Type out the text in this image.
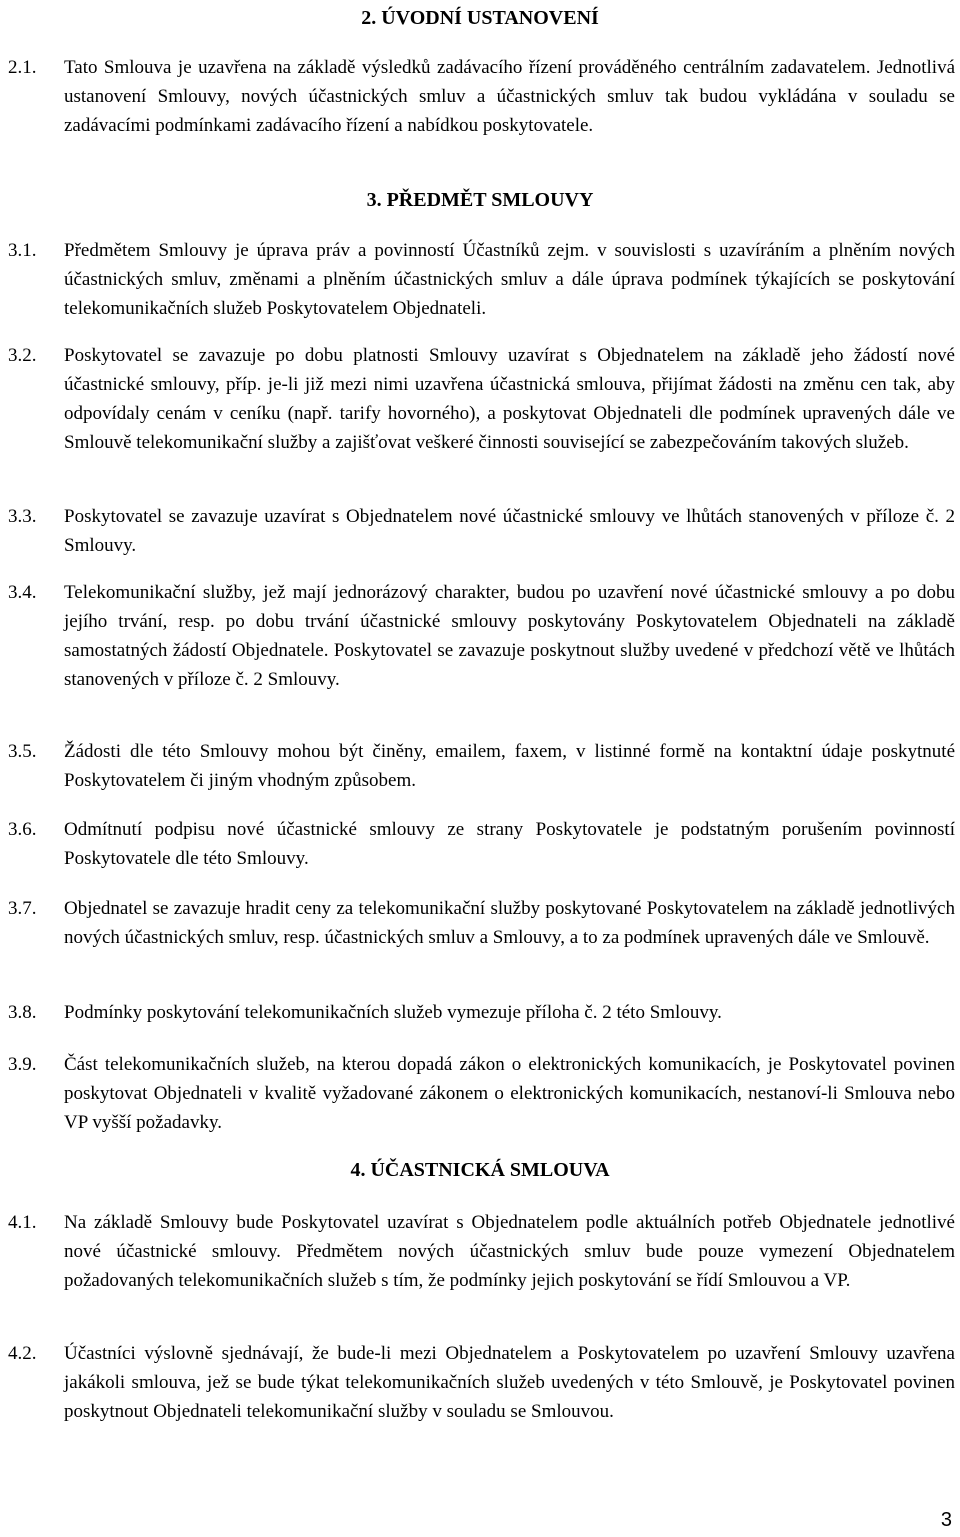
2. ÚVODNÍ USTANOVENÍ
2.1.	Tato Smlouva je uzavřena na základě výsledků zadávacího řízení prováděného centrálním zadavatelem. Jednotlivá ustanovení Smlouvy, nových účastnických smluv a účastnických smluv tak budou vykládána v souladu se zadávacími podmínkami zadávacího řízení a nabídkou poskytovatele.

3. PŘEDMĚT SMLOUVY
3.1.	Předmětem Smlouvy je úprava práv a povinností Účastníků zejm. v souvislosti s uzavíráním a plněním nových účastnických smluv, změnami a plněním účastnických smluv a dále úprava podmínek týkajících se poskytování telekomunikačních služeb Poskytovatelem Objednateli.

3.2.	Poskytovatel se zavazuje po dobu platnosti Smlouvy uzavírat s Objednatelem na základě jeho žádostí nové účastnické smlouvy, příp. je-li již mezi nimi uzavřena účastnická smlouva, přijímat žádosti na změnu cen tak, aby odpovídaly cenám v ceníku (např. tarify hovorného), a poskytovat Objednateli dle podmínek upravených dále ve Smlouvě telekomunikační služby a zajišťovat veškeré činnosti související se zabezpečováním takových služeb.

3.3.	Poskytovatel se zavazuje uzavírat s Objednatelem nové účastnické smlouvy ve lhůtách stanovených v příloze č. 2 Smlouvy.

3.4.	Telekomunikační služby, jež mají jednorázový charakter, budou po uzavření nové účastnické smlouvy a po dobu jejího trvání, resp. po dobu trvání účastnické smlouvy poskytovány Poskytovatelem Objednateli na základě samostatných žádostí Objednatele. Poskytovatel se zavazuje poskytnout služby uvedené v předchozí větě ve lhůtách stanovených v příloze č. 2 Smlouvy.

3.5.	Žádosti dle této Smlouvy mohou být činěny, emailem, faxem, v listinné formě na kontaktní údaje poskytnuté Poskytovatelem či jiným vhodným způsobem.

3.6.	Odmítnutí podpisu nové účastnické smlouvy ze strany Poskytovatele je podstatným porušením povinností Poskytovatele dle této Smlouvy.

3.7.	Objednatel se zavazuje hradit ceny za telekomunikační služby poskytované Poskytovatelem na základě jednotlivých nových účastnických smluv, resp. účastnických smluv a Smlouvy, a to za podmínek upravených dále ve Smlouvě.

3.8.	Podmínky poskytování telekomunikačních služeb vymezuje příloha č. 2 této Smlouvy.

3.9.	Část telekomunikačních služeb, na kterou dopadá zákon o elektronických komunikacích, je Poskytovatel povinen poskytovat Objednateli v kvalitě vyžadované zákonem o elektronických komunikacích, nestanoví-li Smlouva nebo VP vyšší požadavky.

4. ÚČASTNICKÁ SMLOUVA
4.1.	Na základě Smlouvy bude Poskytovatel uzavírat s Objednatelem podle aktuálních potřeb Objednatele jednotlivé nové účastnické smlouvy. Předmětem nových účastnických smluv bude pouze vymezení Objednatelem požadovaných telekomunikačních služeb s tím, že podmínky jejich poskytování se řídí Smlouvou a VP.

4.2.	Účastníci výslovně sjednávají, že bude-li mezi Objednatelem a Poskytovatelem po uzavření Smlouvy uzavřena jakákoli smlouva, jež se bude týkat telekomunikačních služeb uvedených v této Smlouvě, je Poskytovatel povinen poskytnout Objednateli telekomunikační služby v souladu se Smlouvou.

3
